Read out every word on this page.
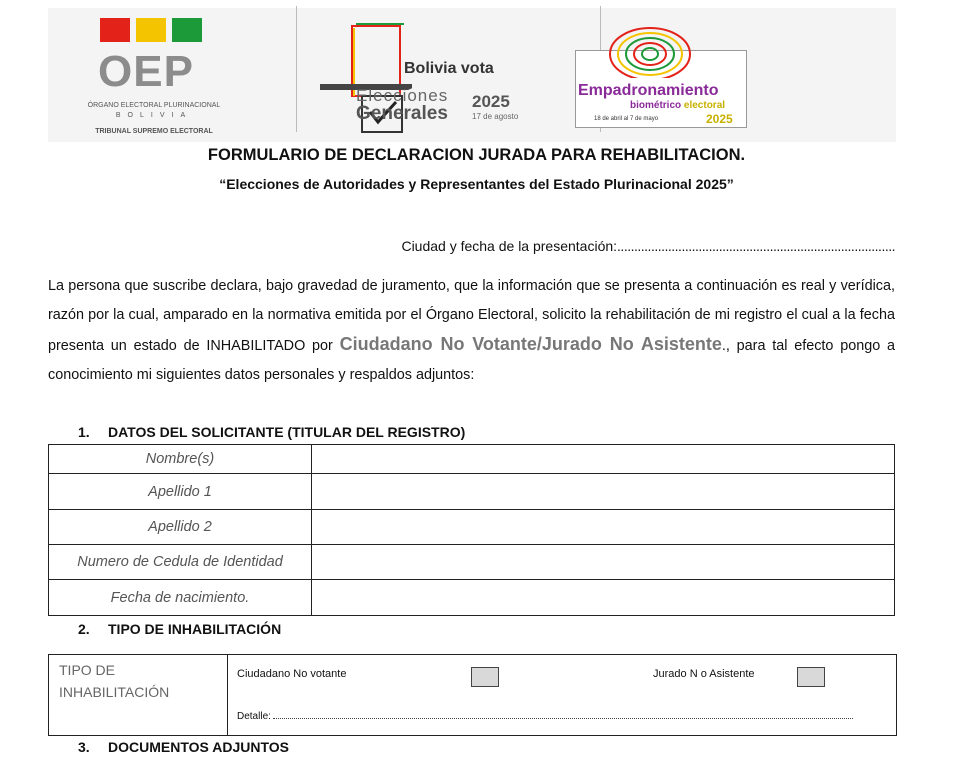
OEP
ÓRGANO ELECTORAL PLURINACIONAL
BOLIVIA
TRIBUNAL SUPREMO ELECTORAL
Bolivia vota
Elecciones
Generales
2025
17 de agosto
Empadronamiento
biométrico electoral
18 de abril al 7 de mayo	2025
FORMULARIO DE DECLARACION JURADA PARA REHABILITACION.
“Elecciones de Autoridades y Representantes del Estado Plurinacional 2025”
Ciudad y fecha de la presentación:..................................................................................
La persona que suscribe declara, bajo gravedad de juramento, que la información que se presenta a continuación es real y verídica, razón por la cual, amparado en la normativa emitida por el Órgano Electoral, solicito la rehabilitación de mi registro el cual a la fecha presenta un estado de INHABILITADO por Ciudadano No Votante/Jurado No Asistente., para tal efecto pongo a conocimiento mi siguientes datos personales y respaldos adjuntos:
1. DATOS DEL SOLICITANTE (TITULAR DEL REGISTRO)
Nombre(s)	
Apellido 1	
Apellido 2	
Numero de Cedula de Identidad	
Fecha de nacimiento.	
2. TIPO DE INHABILITACIÓN
TIPO DE INHABILITACIÓN
Ciudadano No votante	Jurado N o Asistente
Detalle:
3. DOCUMENTOS ADJUNTOS
